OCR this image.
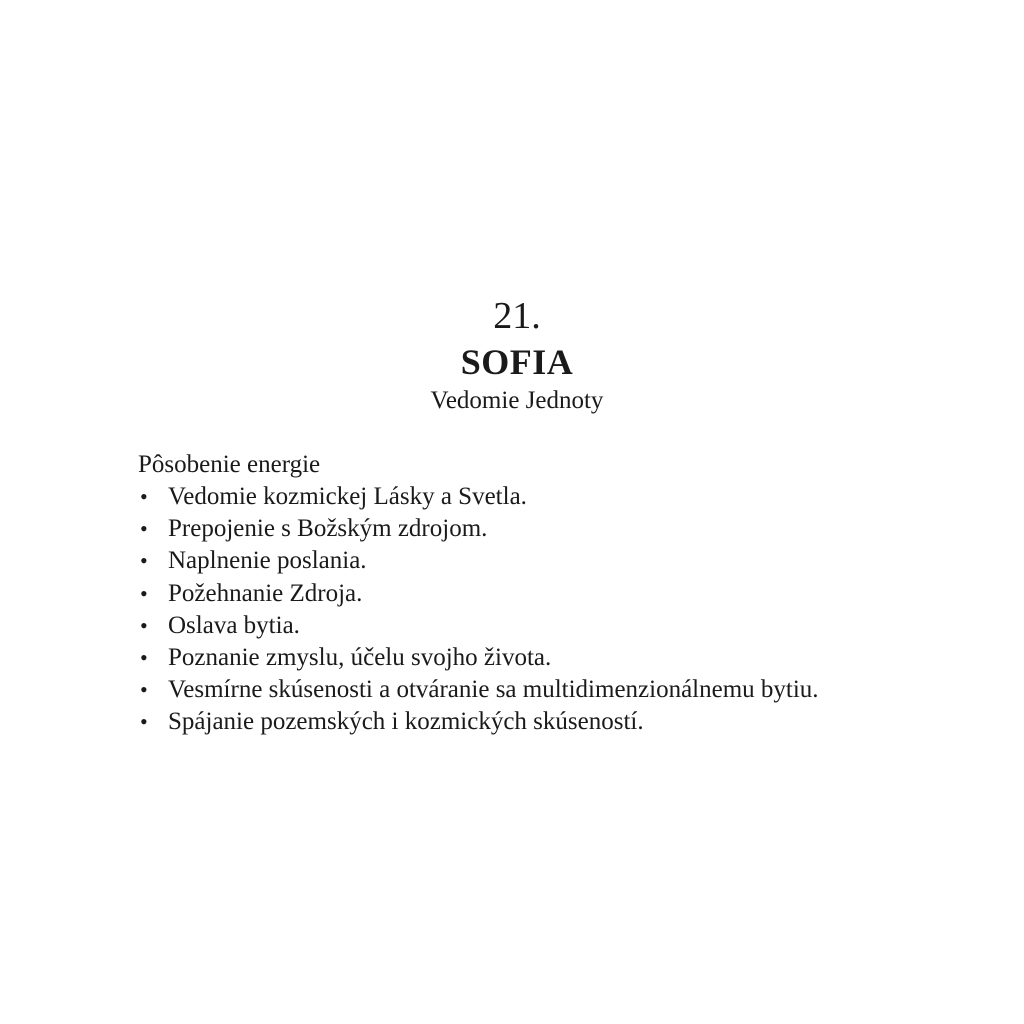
21.
SOFIA
Vedomie Jednoty

Pôsobenie energie

• Vedomie kozmickej Lásky a Svetla.
• Prepojenie s Božským zdrojom.
• Naplnenie poslania.
• Požehnanie Zdroja.
• Oslava bytia.
• Poznanie zmyslu, účelu svojho života.
• Vesmírne skúsenosti a otváranie sa multidimenzionálnemu bytiu.
• Spájanie pozemských i kozmických skúseností.
